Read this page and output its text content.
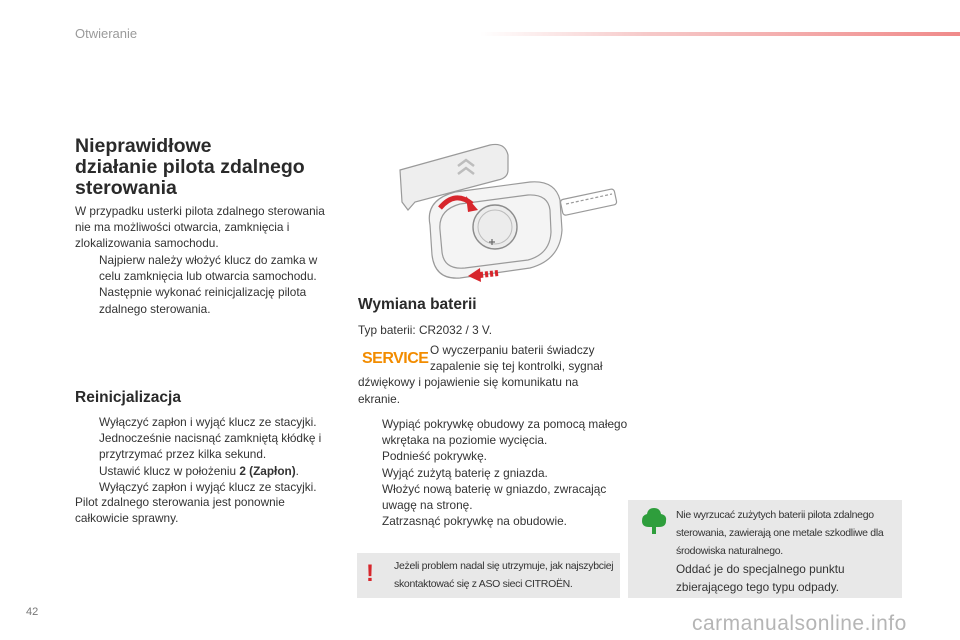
Otwieranie
Nieprawidłowe
działanie pilota zdalnego
sterowania
W przypadku usterki pilota zdalnego sterowania nie ma możliwości otwarcia, zamknięcia i zlokalizowania samochodu.
Najpierw należy włożyć klucz do zamka w celu zamknięcia lub otwarcia samochodu.
Następnie wykonać reinicjalizację pilota zdalnego sterowania.
Reinicjalizacja
Wyłączyć zapłon i wyjąć klucz ze stacyjki.
Jednocześnie nacisnąć zamkniętą kłódkę i przytrzymać przez kilka sekund.
Ustawić klucz w położeniu 2 (Zapłon).
Wyłączyć zapłon i wyjąć klucz ze stacyjki.
Pilot zdalnego sterowania jest ponownie całkowicie sprawny.
Wymiana baterii
Typ baterii: CR2032 / 3 V.
SERVICE O wyczerpaniu baterii świadczy zapalenie się tej kontrolki, sygnał dźwiękowy i pojawienie się komunikatu na ekranie.
Wypiąć pokrywkę obudowy za pomocą małego wkrętaka na poziomie wycięcia.
Podnieść pokrywkę.
Wyjąć zużytą baterię z gniazda.
Włożyć nową baterię w gniazdo, zwracając uwagę na stronę.
Zatrzasnąć pokrywkę na obudowie.
! Jeżeli problem nadal się utrzymuje, jak najszybciej skontaktować się z ASO sieci CITROËN.
Nie wyrzucać zużytych baterii pilota zdalnego sterowania, zawierają one metale szkodliwe dla środowiska naturalnego.
Oddać je do specjalnego punktu zbierającego tego typu odpady.
42	carmanualsonline.info
